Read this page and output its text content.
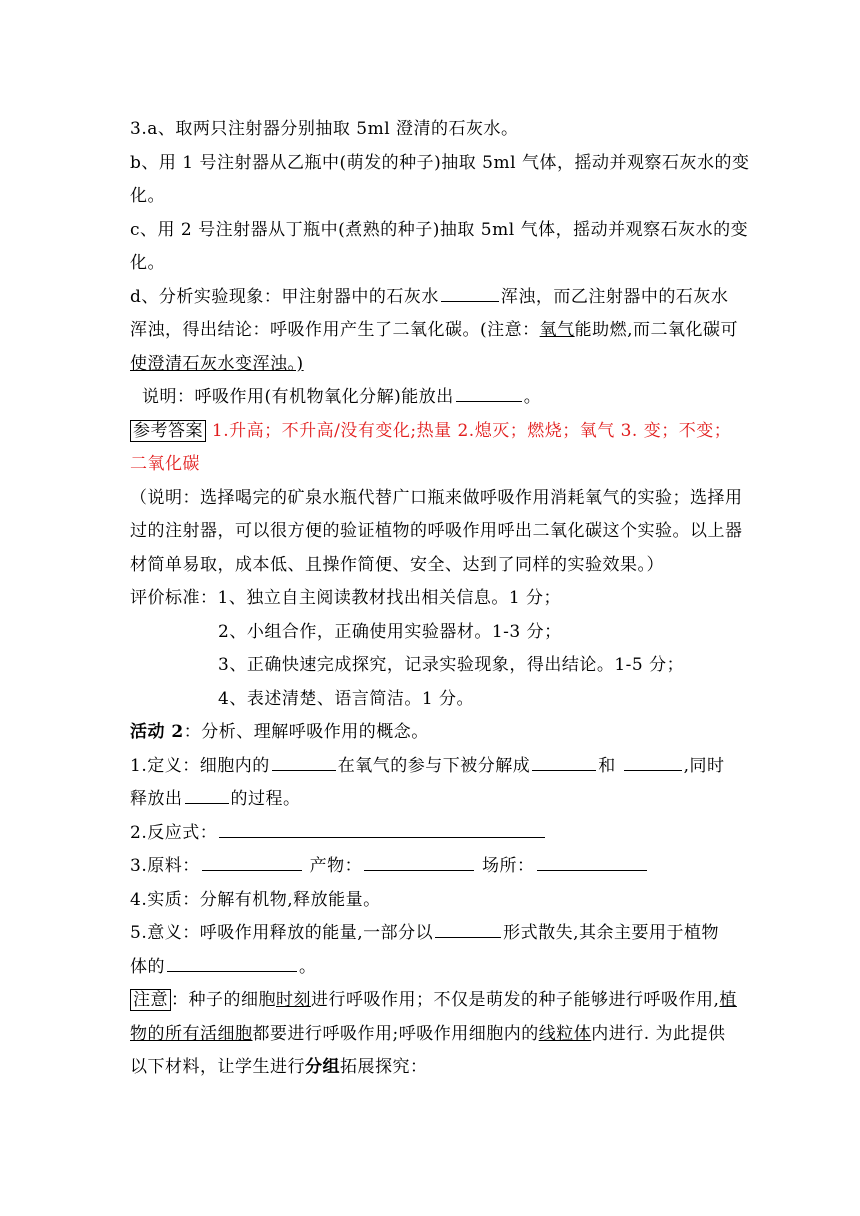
3.a、取两只注射器分别抽取 5ml 澄清的石灰水。
b、用 1 号注射器从乙瓶中(萌发的种子)抽取 5ml 气体，摇动并观察石灰水的变
化。
c、用 2 号注射器从丁瓶中(煮熟的种子)抽取 5ml 气体，摇动并观察石灰水的变
化。
d、分析实验现象：甲注射器中的石灰水	浑浊，而乙注射器中的石灰水
浑浊，得出结论：呼吸作用产生了二氧化碳。(注意：氧气能助燃,而二氧化碳可
使澄清石灰水变浑浊。)
说明：呼吸作用(有机物氧化分解)能放出	。
参考答案 1.升高；不升高/没有变化;热量 2.熄灭；燃烧；氧气 3. 变；不变；
二氧化碳
（说明：选择喝完的矿泉水瓶代替广口瓶来做呼吸作用消耗氧气的实验；选择用
过的注射器，可以很方便的验证植物的呼吸作用呼出二氧化碳这个实验。以上器
材简单易取，成本低、且操作简便、安全、达到了同样的实验效果。）
评价标准：1、独立自主阅读教材找出相关信息。1 分；
2、小组合作，正确使用实验器材。1-3 分；
3、正确快速完成探究，记录实验现象，得出结论。1-5 分；
4、表述清楚、语言简洁。1 分。
活动 2：分析、理解呼吸作用的概念。
1.定义：细胞内的	在氧气的参与下被分解成	和	,同时
释放出	的过程。
2.反应式：
3.原料：	产物：	场所：
4.实质：分解有机物,释放能量。
5.意义：呼吸作用释放的能量,一部分以	形式散失,其余主要用于植物
体的	。
注意 ：种子的细胞时刻进行呼吸作用；不仅是萌发的种子能够进行呼吸作用,植
物的所有活细胞都要进行呼吸作用;呼吸作用细胞内的线粒体内进行. 为此提供
以下材料，让学生进行分组拓展探究：
